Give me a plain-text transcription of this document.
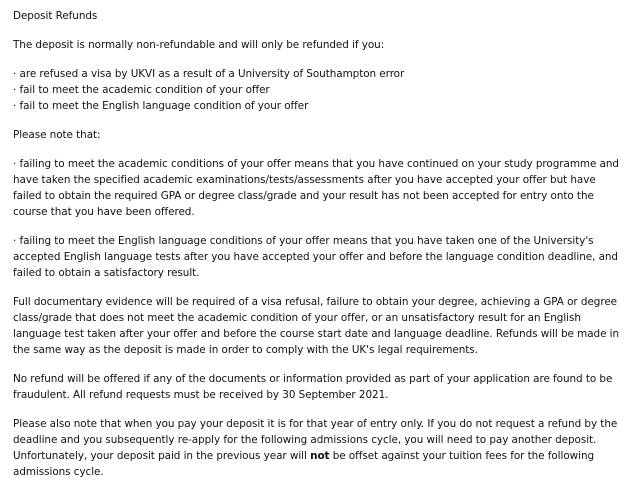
Deposit Refunds

The deposit is normally non-refundable and will only be refunded if you:

· are refused a visa by UKVI as a result of a University of Southampton error
· fail to meet the academic condition of your offer
· fail to meet the English language condition of your offer

Please note that:

· failing to meet the academic conditions of your offer means that you have continued on your study programme and have taken the specified academic examinations/tests/assessments after you have accepted your offer but have failed to obtain the required GPA or degree class/grade and your result has not been accepted for entry onto the course that you have been offered.

· failing to meet the English language conditions of your offer means that you have taken one of the University's accepted English language tests after you have accepted your offer and before the language condition deadline, and failed to obtain a satisfactory result.

Full documentary evidence will be required of a visa refusal, failure to obtain your degree, achieving a GPA or degree class/grade that does not meet the academic condition of your offer, or an unsatisfactory result for an English language test taken after your offer and before the course start date and language deadline. Refunds will be made in the same way as the deposit is made in order to comply with the UK's legal requirements.

No refund will be offered if any of the documents or information provided as part of your application are found to be fraudulent. All refund requests must be received by 30 September 2021.

Please also note that when you pay your deposit it is for that year of entry only. If you do not request a refund by the deadline and you subsequently re-apply for the following admissions cycle, you will need to pay another deposit. Unfortunately, your deposit paid in the previous year will not be offset against your tuition fees for the following admissions cycle.
